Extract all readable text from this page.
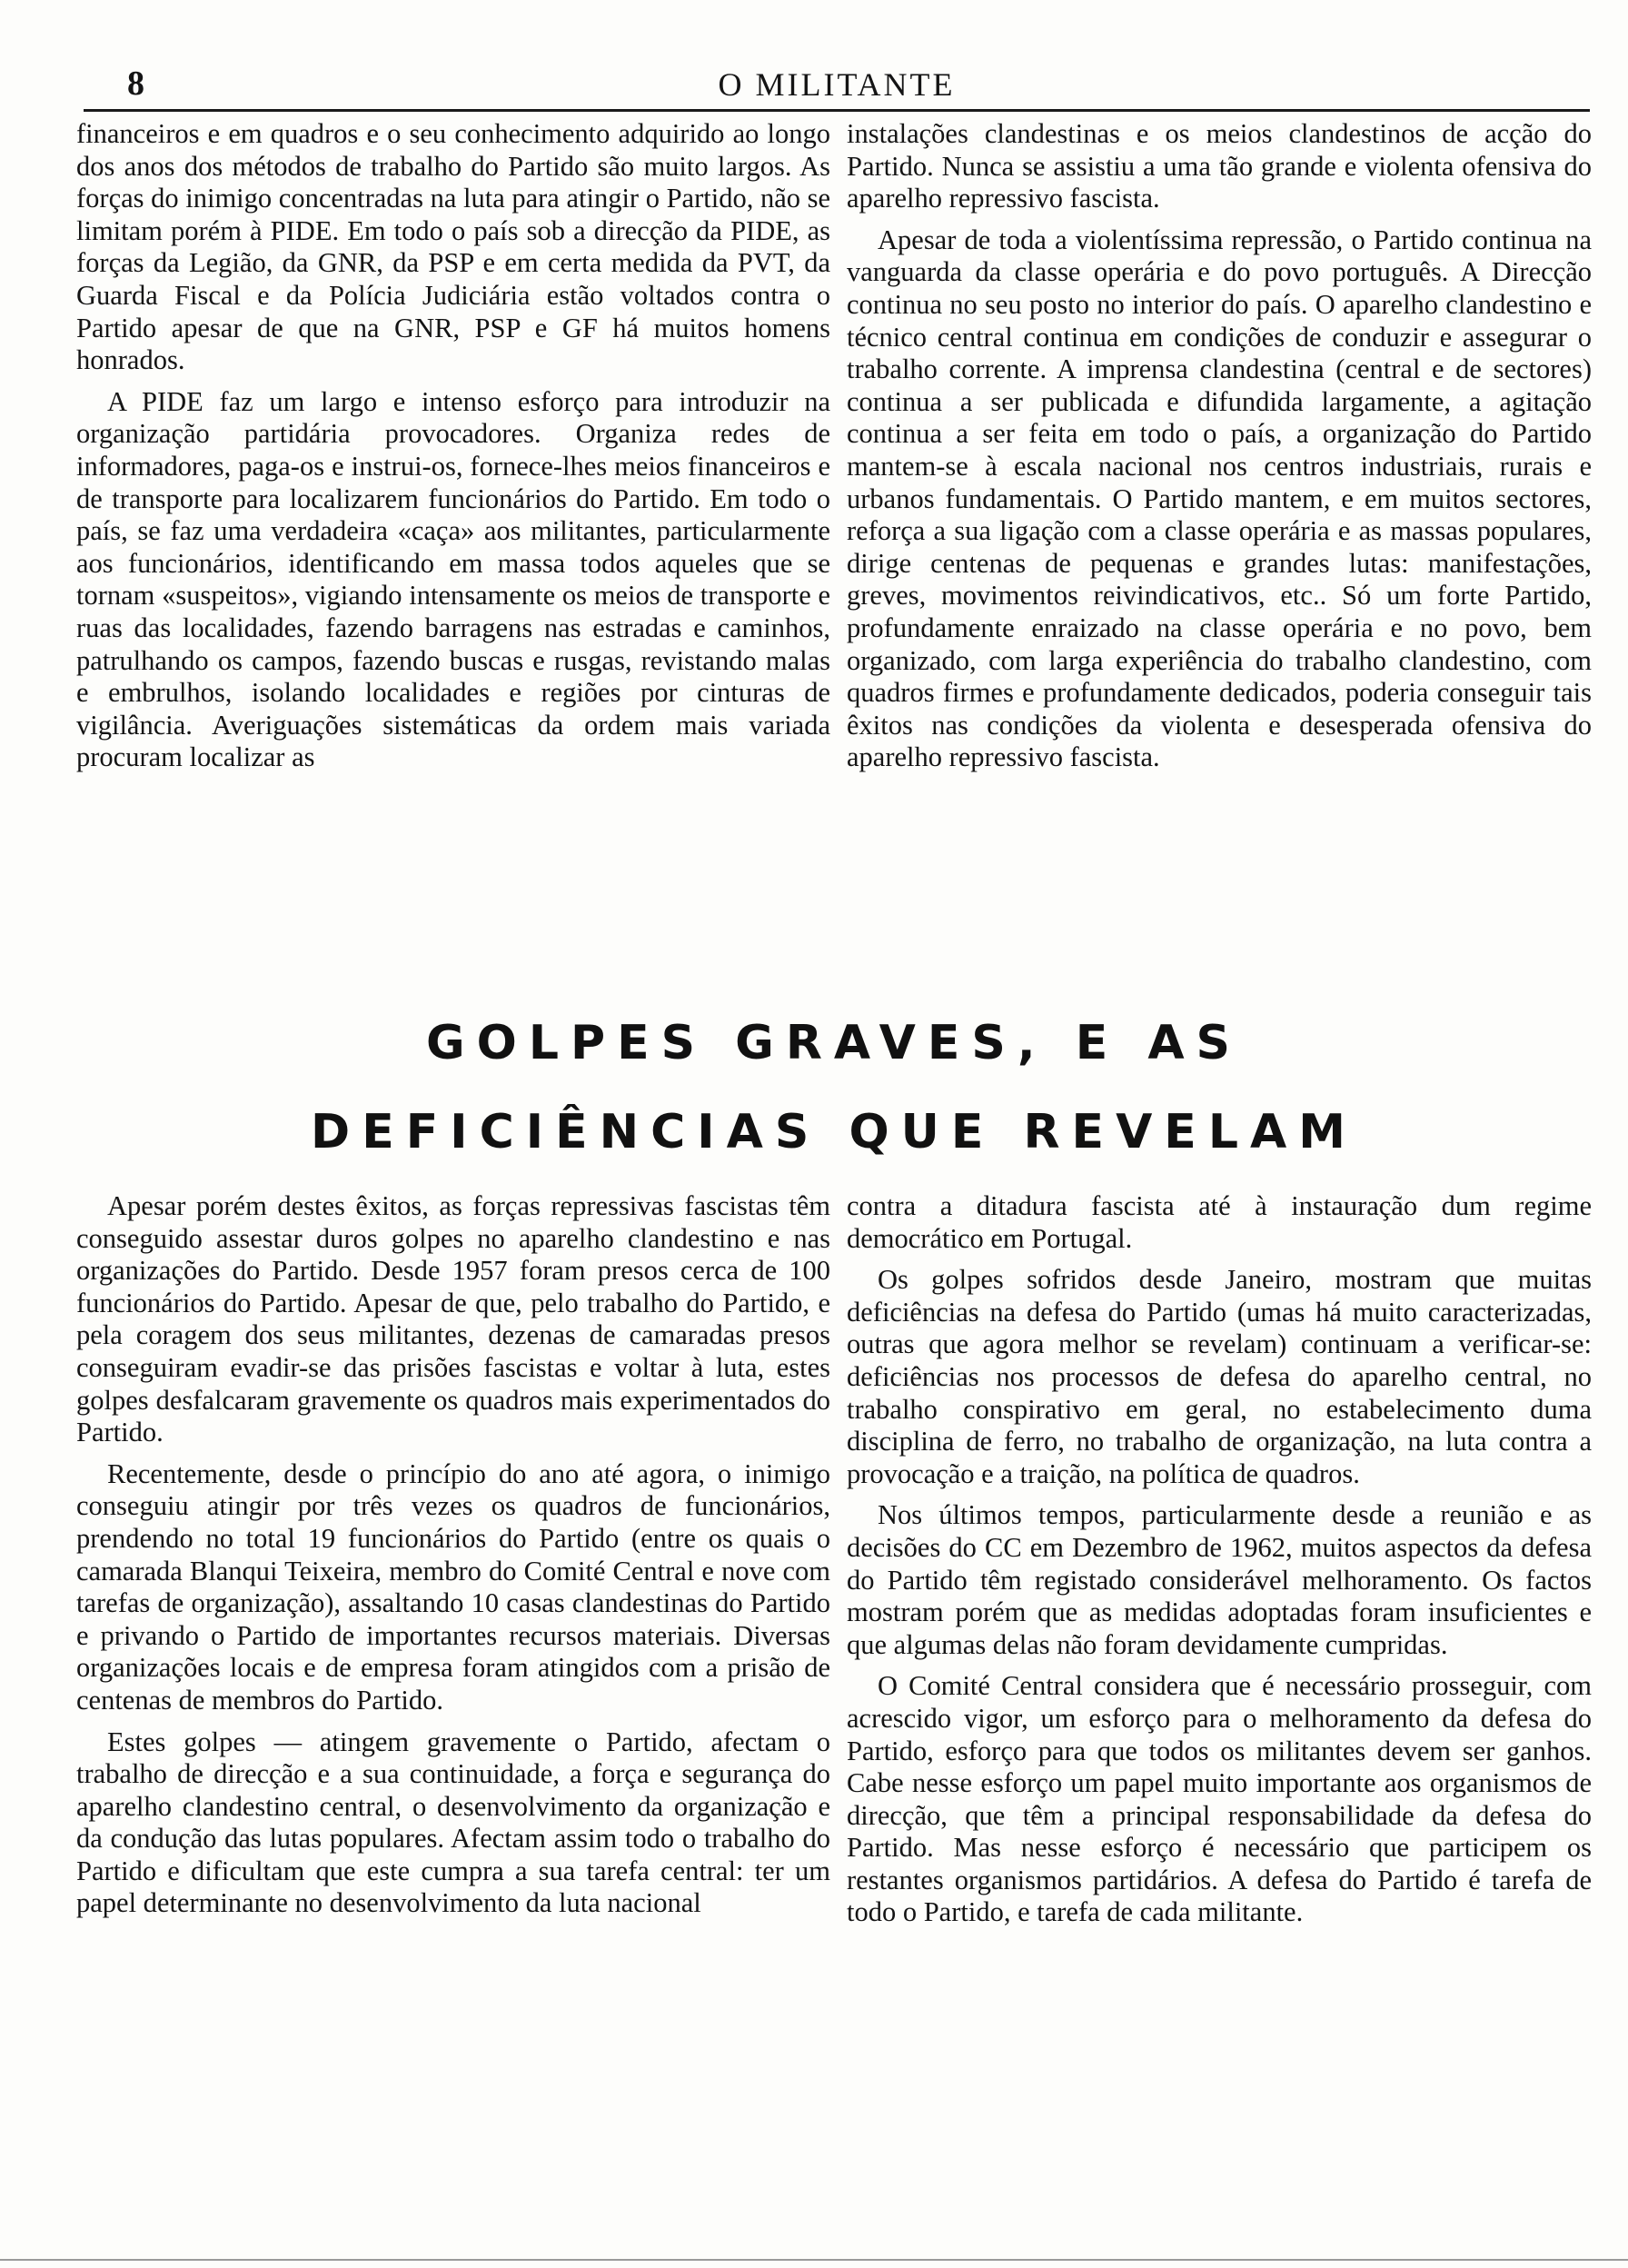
8	O MILITANTE

financeiros e em quadros e o seu conhecimento adquirido ao longo dos anos dos métodos de trabalho do Partido são muito largos. As forças do inimigo concentradas na luta para atingir o Partido, não se limitam porém à PIDE. Em todo o país sob a direcção da PIDE, as forças da Legião, da GNR, da PSP e em certa medida da PVT, da Guarda Fiscal e da Polícia Judiciária estão voltados contra o Partido apesar de que na GNR, PSP e GF há muitos homens honrados.

A PIDE faz um largo e intenso esforço para introduzir na organização partidária provocadores. Organiza redes de informadores, paga-os e instrui-os, fornece-lhes meios financeiros e de transporte para localizarem funcionários do Partido. Em todo o país, se faz uma verdadeira «caça» aos militantes, particularmente aos funcionários, identificando em massa todos aqueles que se tornam «suspeitos», vigiando intensamente os meios de transporte e ruas das localidades, fazendo barragens nas estradas e caminhos, patrulhando os campos, fazendo buscas e rusgas, revistando malas e embrulhos, isolando localidades e regiões por cinturas de vigilância. Averiguações sistemáticas da ordem mais variada procuram localizar as

instalações clandestinas e os meios clandestinos de acção do Partido. Nunca se assistiu a uma tão grande e violenta ofensiva do aparelho repressivo fascista.

Apesar de toda a violentíssima repressão, o Partido continua na vanguarda da classe operária e do povo português. A Direcção continua no seu posto no interior do país. O aparelho clandestino e técnico central continua em condições de conduzir e assegurar o trabalho corrente. A imprensa clandestina (central e de sectores) continua a ser publicada e difundida largamente, a agitação continua a ser feita em todo o país, a organização do Partido mantem-se à escala nacional nos centros industriais, rurais e urbanos fundamentais. O Partido mantem, e em muitos sectores, reforça a sua ligação com a classe operária e as massas populares, dirige centenas de pequenas e grandes lutas: manifestações, greves, movimentos reivindicativos, etc.. Só um forte Partido, profundamente enraizado na classe operária e no povo, bem organizado, com larga experiência do trabalho clandestino, com quadros firmes e profundamente dedicados, poderia conseguir tais êxitos nas condições da violenta e desesperada ofensiva do aparelho repressivo fascista.

GOLPES GRAVES, E AS
DEFICIÊNCIAS QUE REVELAM

Apesar porém destes êxitos, as forças repressivas fascistas têm conseguido assestar duros golpes no aparelho clandestino e nas organizações do Partido. Desde 1957 foram presos cerca de 100 funcionários do Partido. Apesar de que, pelo trabalho do Partido, e pela coragem dos seus militantes, dezenas de camaradas presos conseguiram evadir-se das prisões fascistas e voltar à luta, estes golpes desfalcaram gravemente os quadros mais experimentados do Partido.

Recentemente, desde o princípio do ano até agora, o inimigo conseguiu atingir por três vezes os quadros de funcionários, prendendo no total 19 funcionários do Partido (entre os quais o camarada Blanqui Teixeira, membro do Comité Central e nove com tarefas de organização), assaltando 10 casas clandestinas do Partido e privando o Partido de importantes recursos materiais. Diversas organizações locais e de empresa foram atingidos com a prisão de centenas de membros do Partido.

Estes golpes — atingem gravemente o Partido, afectam o trabalho de direcção e a sua continuidade, a força e segurança do aparelho clandestino central, o desenvolvimento da organização e da condução das lutas populares. Afectam assim todo o trabalho do Partido e dificultam que este cumpra a sua tarefa central: ter um papel determinante no desenvolvimento da luta nacional

contra a ditadura fascista até à instauração dum regime democrático em Portugal.

Os golpes sofridos desde Janeiro, mostram que muitas deficiências na defesa do Partido (umas há muito caracterizadas, outras que agora melhor se revelam) continuam a verificar-se: deficiências nos processos de defesa do aparelho central, no trabalho conspirativo em geral, no estabelecimento duma disciplina de ferro, no trabalho de organização, na luta contra a provocação e a traição, na política de quadros.

Nos últimos tempos, particularmente desde a reunião e as decisões do CC em Dezembro de 1962, muitos aspectos da defesa do Partido têm registado considerável melhoramento. Os factos mostram porém que as medidas adoptadas foram insuficientes e que algumas delas não foram devidamente cumpridas.

O Comité Central considera que é necessário prosseguir, com acrescido vigor, um esforço para o melhoramento da defesa do Partido, esforço para que todos os militantes devem ser ganhos. Cabe nesse esforço um papel muito importante aos organismos de direcção, que têm a principal responsabilidade da defesa do Partido. Mas nesse esforço é necessário que participem os restantes organismos partidários. A defesa do Partido é tarefa de todo o Partido, e tarefa de cada militante.
